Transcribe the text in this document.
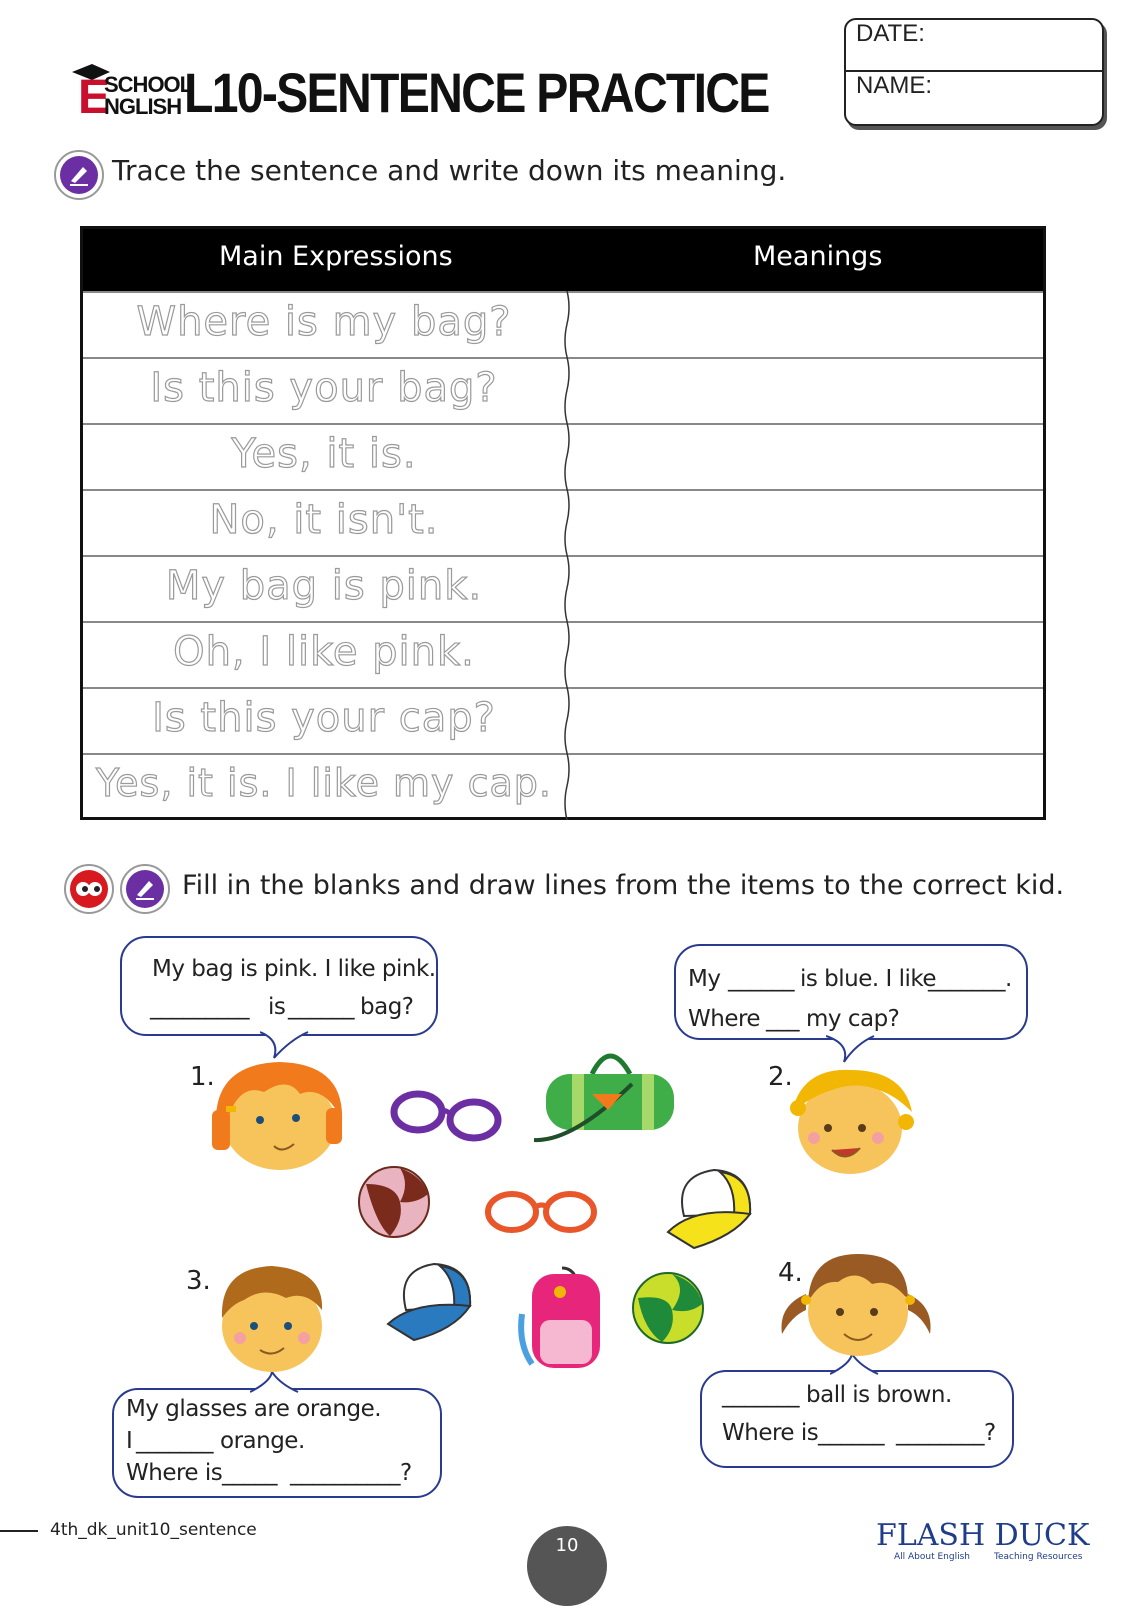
E
SCHOOL
NGLISH L10-SENTENCE PRACTICE
DATE:
NAME:
Trace the sentence and write down its meaning.
Main Expressions	Meanings
Where is my bag?
Is this your bag?
Yes, it is.
No, it isn't.
My bag is pink.
Oh, I like pink.
Is this your cap?
Yes, it is. I like my cap.
Fill in the blanks and draw lines from the items to the correct kid.
My bag is pink. I like pink.
_________ is ______ bag?
My ______ is blue. I like
_______.
Where ___ my cap?
My glasses are orange.
I _______ orange.
Where is _____ __________?
_______ ball is brown.
Where is ______ ________?
1.	2.
3.	4.
4th_dk_unit10_sentence
10	FLASH DUCK
All About English	Teaching Resources
